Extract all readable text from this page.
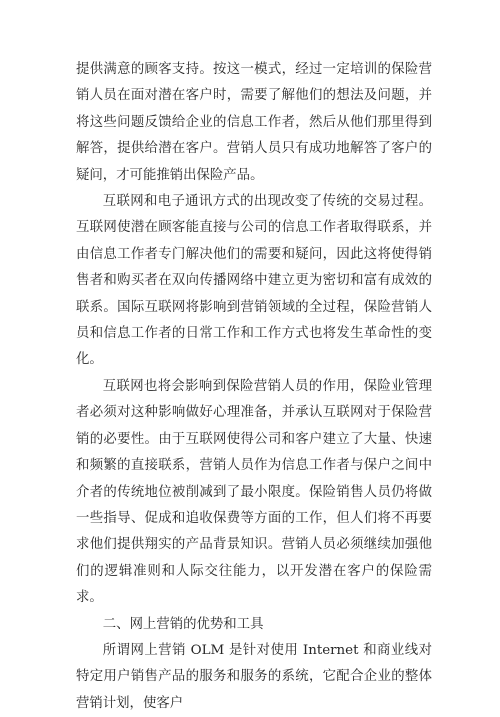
提供满意的顾客支持。按这一模式，经过一定培训的保险营销人员在面对潜在客户时，需要了解他们的想法及问题，并将这些问题反馈给企业的信息工作者，然后从他们那里得到解答，提供给潜在客户。营销人员只有成功地解答了客户的疑问，才可能推销出保险产品。

互联网和电子通讯方式的出现改变了传统的交易过程。互联网使潜在顾客能直接与公司的信息工作者取得联系，并由信息工作者专门解决他们的需要和疑问，因此这将使得销售者和购买者在双向传播网络中建立更为密切和富有成效的联系。国际互联网将影响到营销领域的全过程，保险营销人员和信息工作者的日常工作和工作方式也将发生革命性的变化。

互联网也将会影响到保险营销人员的作用，保险业管理者必须对这种影响做好心理准备，并承认互联网对于保险营销的必要性。由于互联网使得公司和客户建立了大量、快速和频繁的直接联系，营销人员作为信息工作者与保户之间中介者的传统地位被削减到了最小限度。保险销售人员仍将做一些指导、促成和追收保费等方面的工作，但人们将不再要求他们提供翔实的产品背景知识。营销人员必须继续加强他们的逻辑准则和人际交往能力，以开发潜在客户的保险需求。

二、网上营销的优势和工具

所谓网上营销 OLM 是针对使用 Internet 和商业线对特定用户销售产品的服务和服务的系统，它配合企业的整体营销计划，使客户
